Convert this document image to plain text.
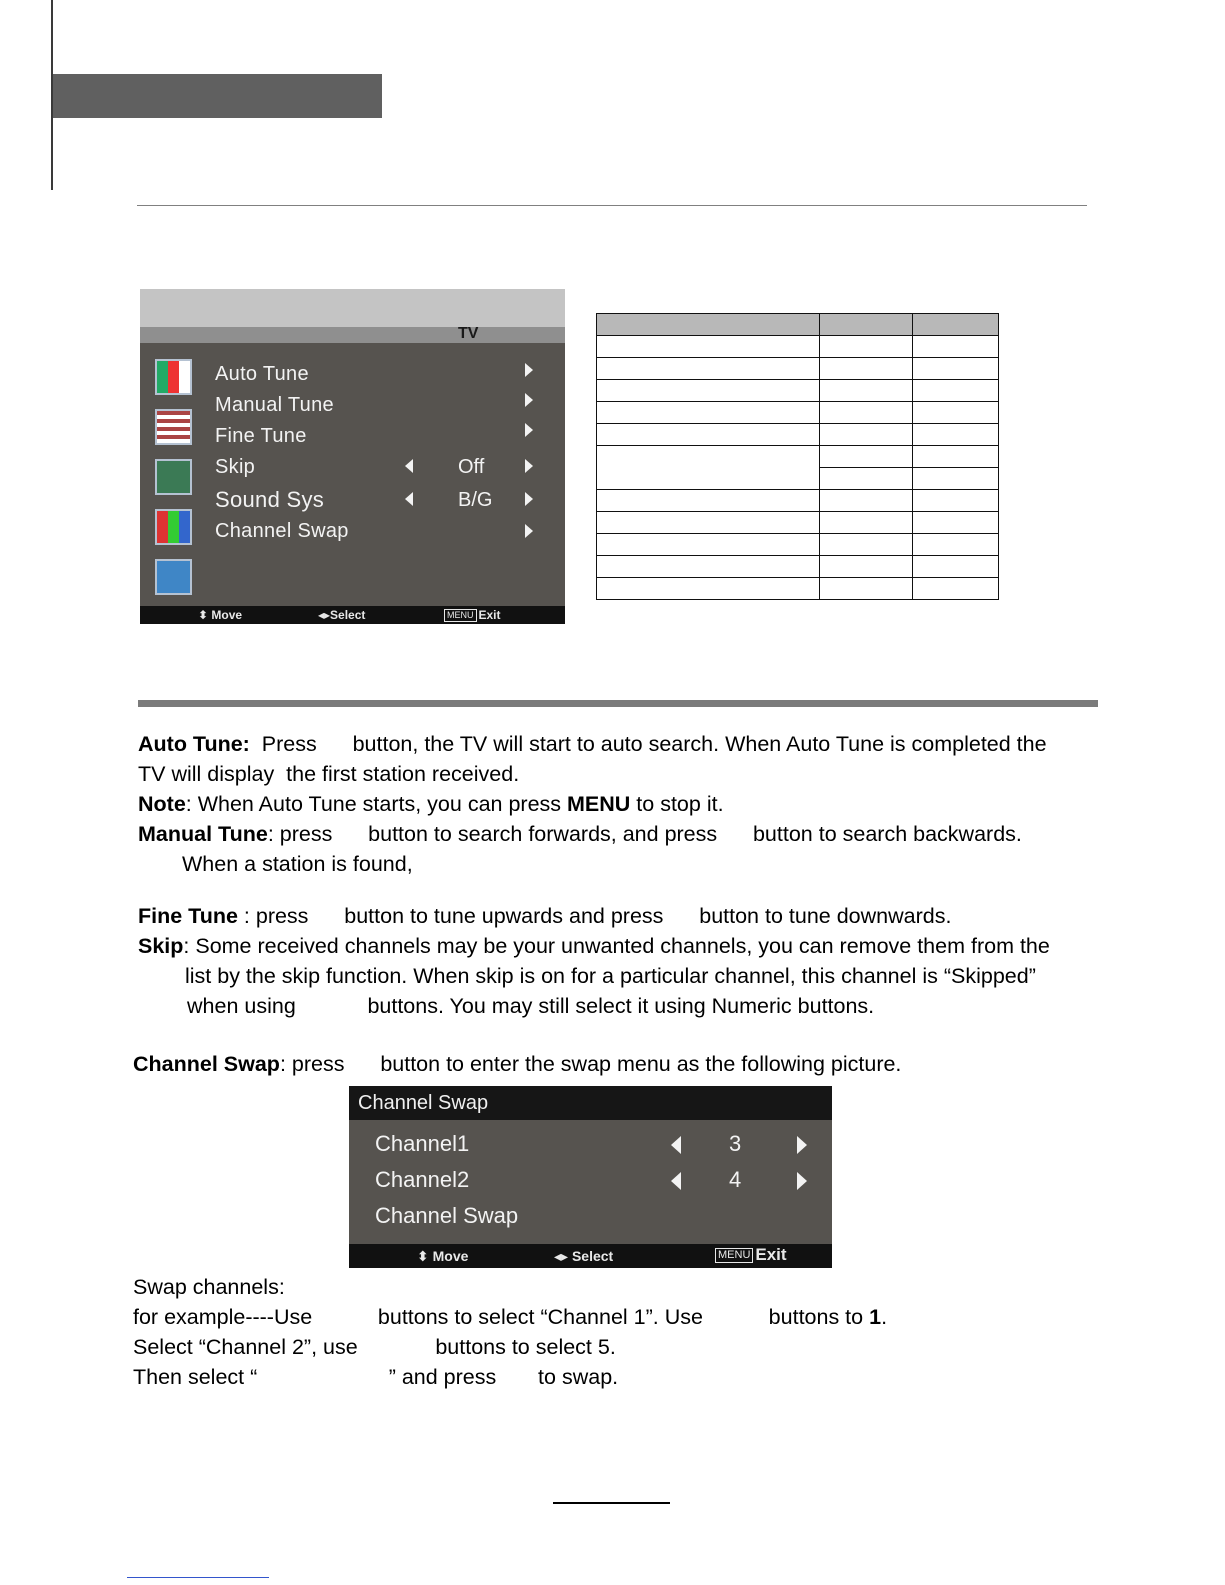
TV
Auto Tune
Manual Tune
Fine Tune
Skip	Off
Sound Sys	B/G
Channel Swap
⬍ Move	◂▸Select	MENU Exit

Auto Tune:  Press      button, the TV will start to auto search. When Auto Tune is completed the
TV will display  the first station received.
Note: When Auto Tune starts, you can press MENU to stop it.
Manual Tune: press      button to search forwards, and press      button to search backwards.
When a station is found,
Fine Tune : press      button to tune upwards and press      button to tune downwards.
Skip: Some received channels may be your unwanted channels, you can remove them from the
list by the skip function. When skip is on for a particular channel, this channel is “Skipped”
when using            buttons. You may still select it using Numeric buttons.
Channel Swap: press      button to enter the swap menu as the following picture.
Channel Swap
Channel1	3
Channel2	4
Channel Swap
⬍ Move	◂▸ Select	MENU Exit
Swap channels:
for example----Use           buttons to select “Channel 1”. Use           buttons to 1.
Select “Channel 2”, use             buttons to select 5.
Then select “                      ” and press       to swap.
